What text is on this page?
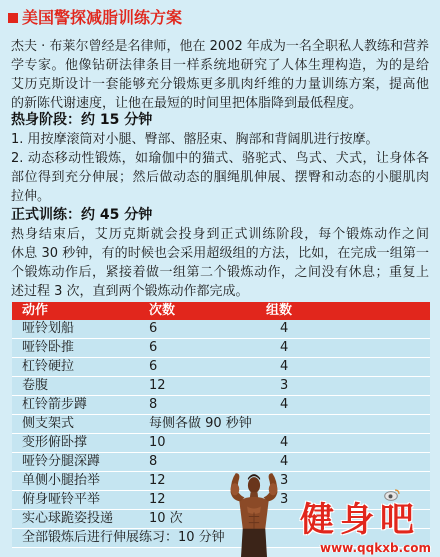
美国警探减脂训练方案
杰夫 · 布莱尔曾经是名律师，他在 2002 年成为一名全职私人教练和营养
学专家。他像钻研法律条目一样系统地研究了人体生理构造，为的是给
艾历克斯设计一套能够充分锻炼更多肌肉纤维的力量训练方案，提高他
的新陈代谢速度，让他在最短的时间里把体脂降到最低程度。
热身阶段：约 15 分钟
1. 用按摩滚筒对小腿、臀部、髂胫束、胸部和背阔肌进行按摩。
2. 动态移动性锻炼，如瑜伽中的猫式、骆驼式、鸟式、犬式，让身体各
部位得到充分伸展；然后做动态的腘绳肌伸展、摆臀和动态的小腿肌肉
拉伸。
正式训练：约 45 分钟
热身结束后，艾历克斯就会投身到正式训练阶段，每个锻炼动作之间
休息 30 秒钟，有的时候也会采用超级组的方法，比如，在完成一组第一
个锻炼动作后，紧接着做一组第二个锻炼动作，之间没有休息；重复上
述过程 3 次，直到两个锻炼动作都完成。
动作	次数	组数
哑铃划船	6	4
哑铃卧推	6	4
杠铃硬拉	6	4
卷腹	12	3
杠铃箭步蹲	8	4
侧支架式	每侧各做 90 秒钟
变形俯卧撑	10	4
哑铃分腿深蹲	8	4
单侧小腿抬举	12	3
俯身哑铃平举	12	3
实心球跪姿投递	10 次
全部锻炼后进行伸展练习：10 分钟	健身吧
www.qqkxb.com
